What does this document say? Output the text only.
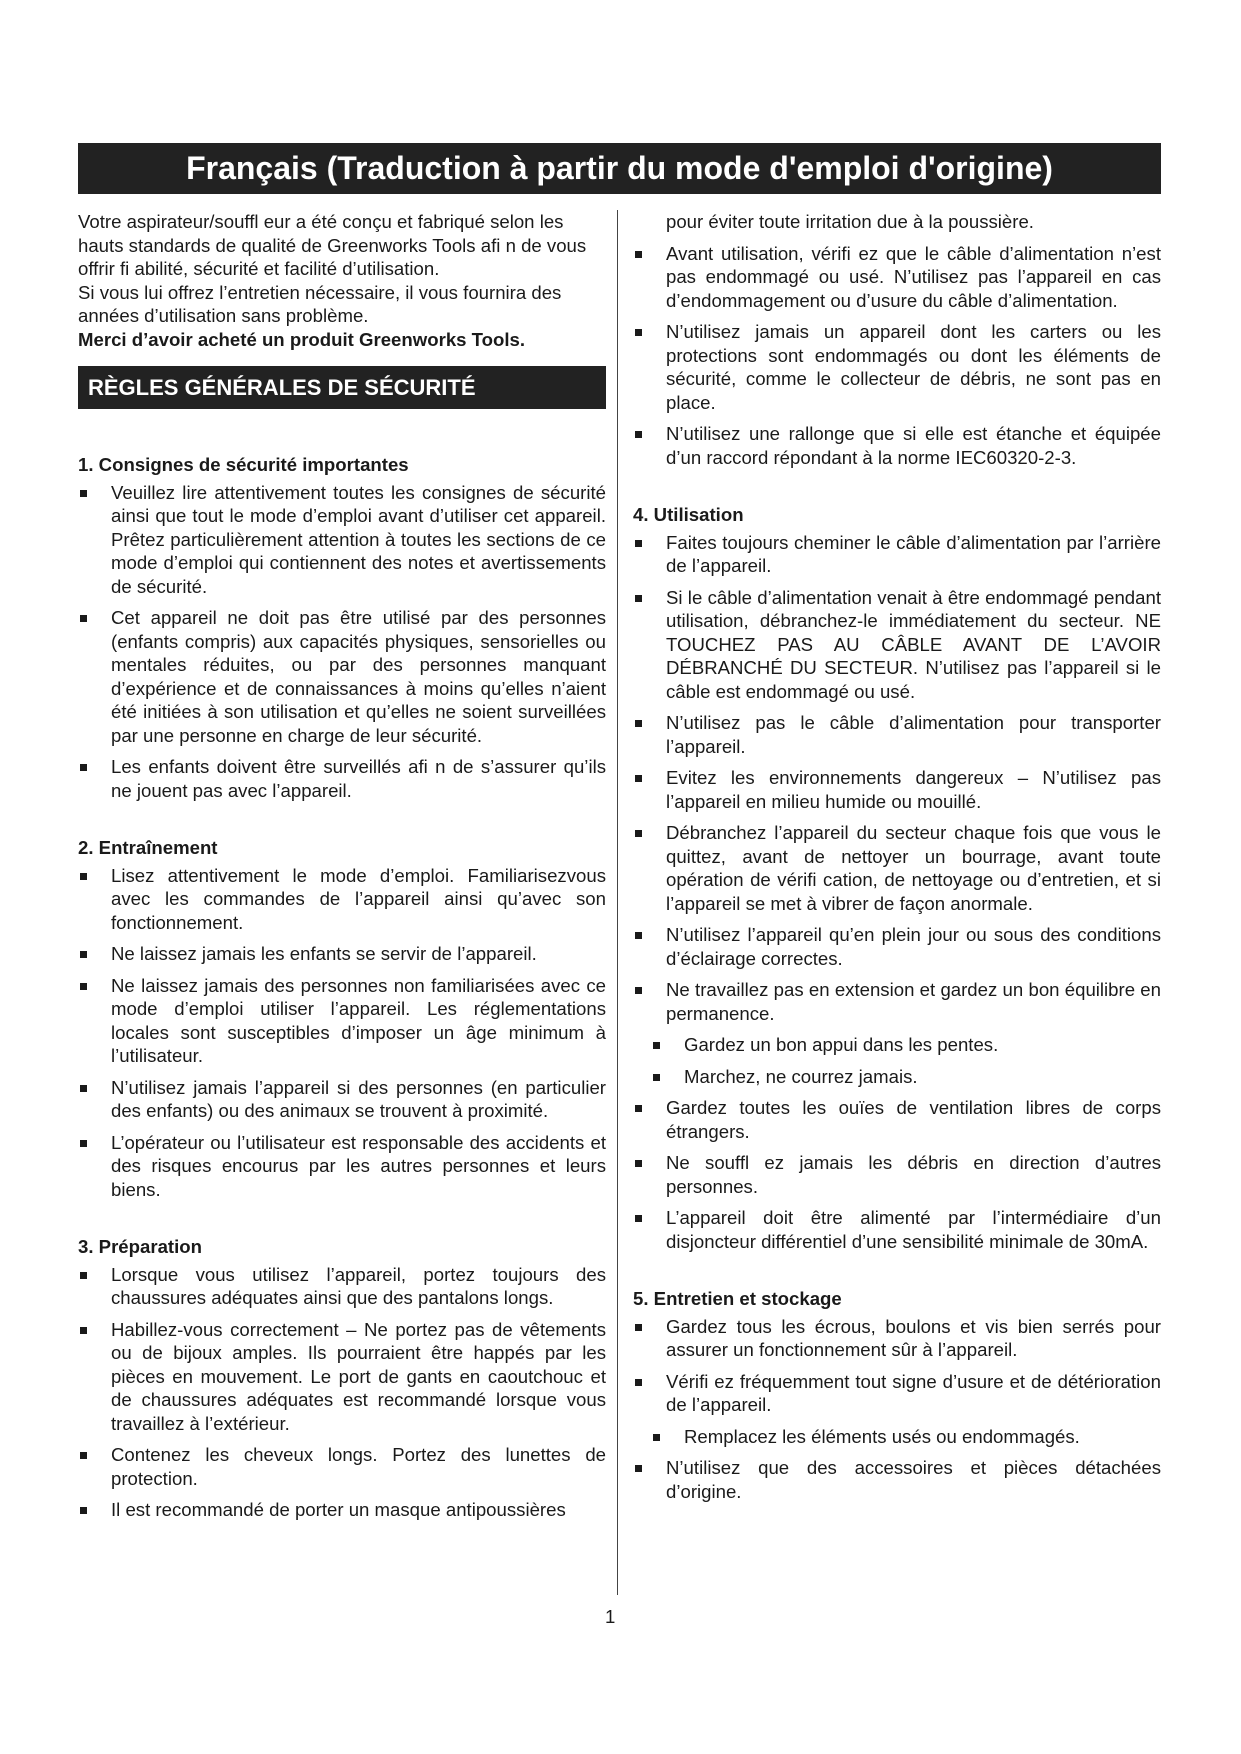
Français (Traduction à partir du mode d'emploi d'origine)

Votre aspirateur/souffl eur a été conçu et fabriqué selon les hauts standards de qualité de Greenworks Tools afi n de vous offrir fi abilité, sécurité et facilité d’utilisation.

Si vous lui offrez l’entretien nécessaire, il vous fournira des années d’utilisation sans problème.

Merci d’avoir acheté un produit Greenworks Tools.

RÈGLES GÉNÉRALES DE SÉCURITÉ
1. Consignes de sécurité importantes
Veuillez lire attentivement toutes les consignes de sécurité ainsi que tout le mode d’emploi avant d’utiliser cet appareil. Prêtez particulièrement attention à toutes les sections de ce mode d’emploi qui contiennent des notes et avertissements de sécurité.
Cet appareil ne doit pas être utilisé par des personnes (enfants compris) aux capacités physiques, sensorielles ou mentales réduites, ou par des personnes manquant d’expérience et de connaissances à moins qu’elles n’aient été initiées à son utilisation et qu’elles ne soient surveillées par une personne en charge de leur sécurité.
Les enfants doivent être surveillés afi n de s’assurer qu’ils ne jouent pas avec l’appareil.
2. Entraînement
Lisez attentivement le mode d’emploi. Familiarisezvous avec les commandes de l’appareil ainsi qu’avec son fonctionnement.
Ne laissez jamais les enfants se servir de l’appareil.
Ne laissez jamais des personnes non familiarisées avec ce mode d’emploi utiliser l’appareil. Les réglementations locales sont susceptibles d’imposer un âge minimum à l’utilisateur.
N’utilisez jamais l’appareil si des personnes (en particulier des enfants) ou des animaux se trouvent à proximité.
L’opérateur ou l’utilisateur est responsable des accidents et des risques encourus par les autres personnes et leurs biens.
3. Préparation
Lorsque vous utilisez l’appareil, portez toujours des chaussures adéquates ainsi que des pantalons longs.
Habillez-vous correctement – Ne portez pas de vêtements ou de bijoux amples. Ils pourraient être happés par les pièces en mouvement. Le port de gants en caoutchouc et de chaussures adéquates est recommandé lorsque vous travaillez à l’extérieur.
Contenez les cheveux longs. Portez des lunettes de protection.
Il est recommandé de porter un masque antipoussières

pour éviter toute irritation due à la poussière.

Avant utilisation, vérifi ez que le câble d’alimentation n’est pas endommagé ou usé. N’utilisez pas l’appareil en cas d’endommagement ou d’usure du câble d’alimentation.
N’utilisez jamais un appareil dont les carters ou les protections sont endommagés ou dont les éléments de sécurité, comme le collecteur de débris, ne sont pas en place.
N’utilisez une rallonge que si elle est étanche et équipée d’un raccord répondant à la norme IEC60320-2-3.
4. Utilisation
Faites toujours cheminer le câble d’alimentation par l’arrière de l’appareil.
Si le câble d’alimentation venait à être endommagé pendant utilisation, débranchez-le immédiatement du secteur. NE TOUCHEZ PAS AU CÂBLE AVANT DE L’AVOIR DÉBRANCHÉ DU SECTEUR. N’utilisez pas l’appareil si le câble est endommagé ou usé.
N’utilisez pas le câble d’alimentation pour transporter l’appareil.
Evitez les environnements dangereux – N’utilisez pas l’appareil en milieu humide ou mouillé.
Débranchez l’appareil du secteur chaque fois que vous le quittez, avant de nettoyer un bourrage, avant toute opération de vérifi cation, de nettoyage ou d’entretien, et si l’appareil se met à vibrer de façon anormale.
N’utilisez l’appareil qu’en plein jour ou sous des conditions d’éclairage correctes.
Ne travaillez pas en extension et gardez un bon équilibre en permanence.
Gardez un bon appui dans les pentes.
Marchez, ne courrez jamais.
Gardez toutes les ouïes de ventilation libres de corps étrangers.
Ne souffl ez jamais les débris en direction d’autres personnes.
L’appareil doit être alimenté par l’intermédiaire d’un disjoncteur différentiel d’une sensibilité minimale de 30mA.
5. Entretien et stockage
Gardez tous les écrous, boulons et vis bien serrés pour assurer un fonctionnement sûr à l’appareil.
Vérifi ez fréquemment tout signe d’usure et de détérioration de l’appareil.
Remplacez les éléments usés ou endommagés.
N’utilisez que des accessoires et pièces détachées d’origine.
1
